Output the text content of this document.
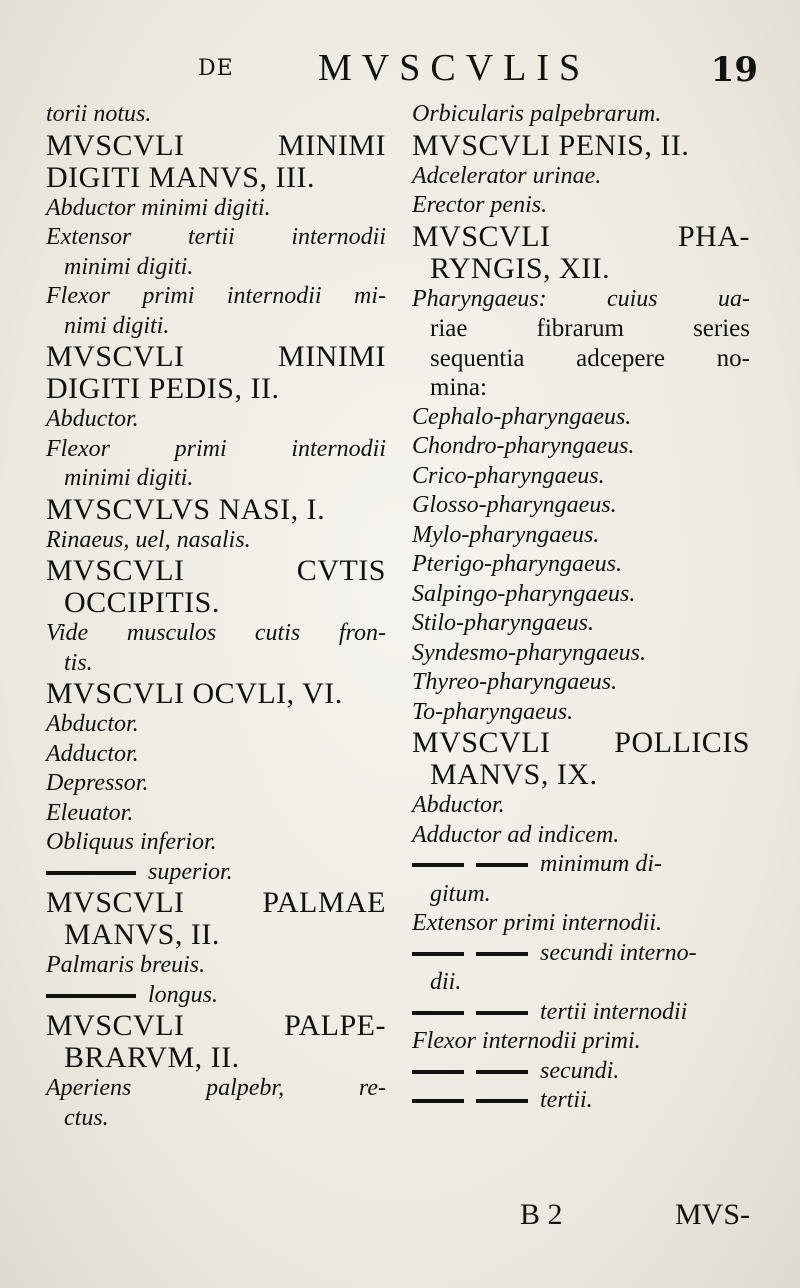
DE MVSCVLIS	19
torii notus.
MVSCVLI MINIMI
DIGITI MANVS, III.
Abductor minimi digiti.
Extensor tertii internodii
minimi digiti.
Flexor primi internodii mi-
nimi digiti.
MVSCVLI MINIMI
DIGITI PEDIS, II.
Abductor.
Flexor primi internodii
minimi digiti.
MVSCVLVS NASI, I.
Rinaeus, uel, nasalis.
MVSCVLI CVTIS
OCCIPITIS.
Vide musculos cutis fron-
tis.
MVSCVLI OCVLI, VI.
Abductor.
Adductor.
Depressor.
Eleuator.
Obliquus inferior.
superior.
MVSCVLI PALMAE
MANVS, II.
Palmaris breuis.
longus.
MVSCVLI PALPE-
BRARVM, II.
Aperiens palpebr, re-
ctus.
Orbicularis palpebrarum.
MVSCVLI PENIS, II.
Adcelerator urinae.
Erector penis.
MVSCVLI PHA-
RYNGIS, XII.
Pharyngaeus: cuius ua-
riae fibrarum series
sequentia adcepere no-
mina:
Cephalo-pharyngaeus.
Chondro-pharyngaeus.
Crico-pharyngaeus.
Glosso-pharyngaeus.
Mylo-pharyngaeus.
Pterigo-pharyngaeus.
Salpingo-pharyngaeus.
Stilo-pharyngaeus.
Syndesmo-pharyngaeus.
Thyreo-pharyngaeus.
To-pharyngaeus.
MVSCVLI POLLICIS
MANVS, IX.
Abductor.
Adductor ad indicem.
minimum di-
gitum.
Extensor primi internodii.
secundi interno-
dii.
tertii internodii
Flexor internodii primi.
secundi.
tertii.
B 2	MVS-
